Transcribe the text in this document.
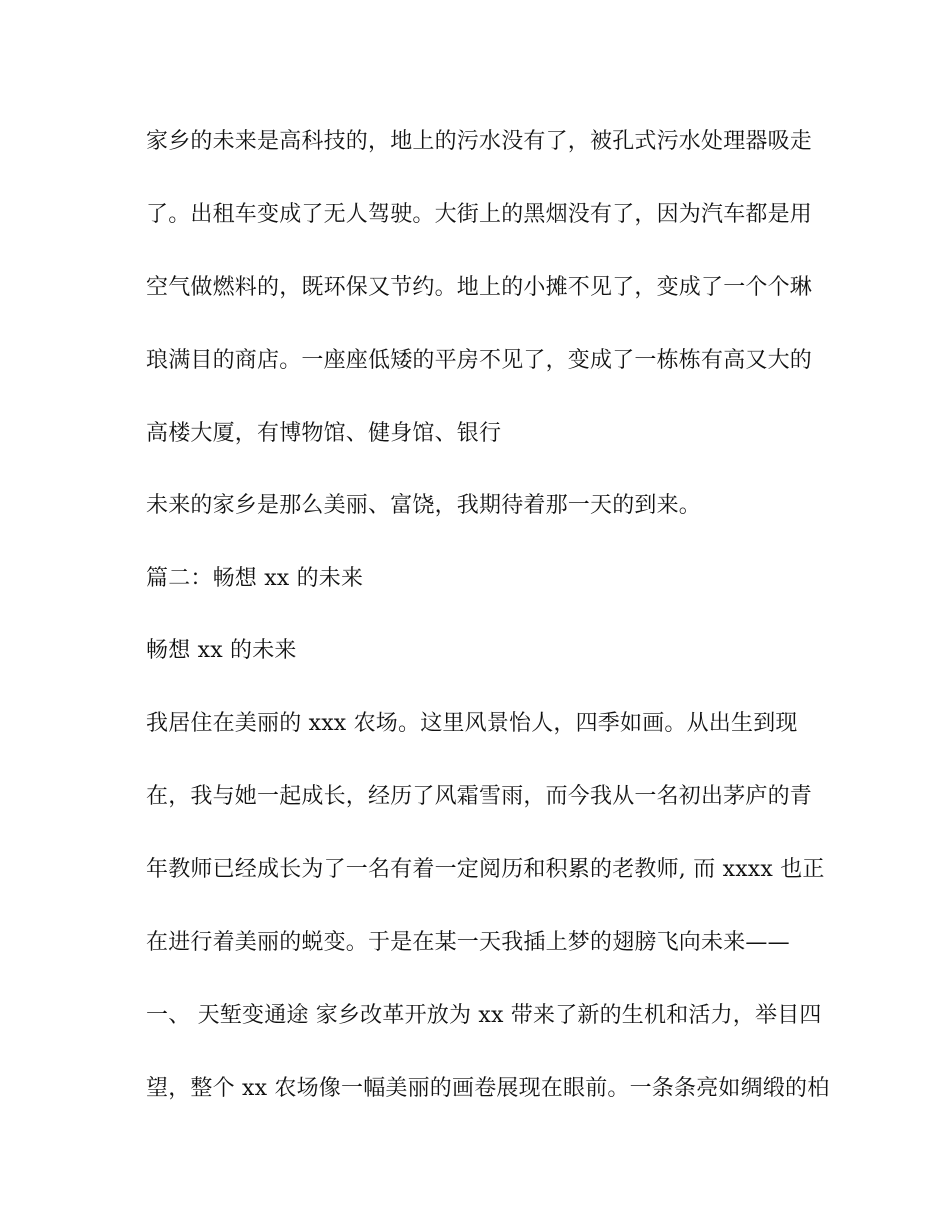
家乡的未来是高科技的，地上的污水没有了，被孔式污水处理器吸走
了。出租车变成了无人驾驶。大街上的黑烟没有了，因为汽车都是用
空气做燃料的，既环保又节约。地上的小摊不见了，变成了一个个琳
琅满目的商店。一座座低矮的平房不见了，变成了一栋栋有高又大的
高楼大厦，有博物馆、健身馆、银行
未来的家乡是那么美丽、富饶，我期待着那一天的到来。
篇二：畅想 xx 的未来
畅想 xx 的未来
我居住在美丽的 xxx 农场。这里风景怡人，四季如画。从出生到现
在，我与她一起成长，经历了风霜雪雨，而今我从一名初出茅庐的青
年教师已经成长为了一名有着一定阅历和积累的老教师, 而 xxxx 也正
在进行着美丽的蜕变。于是在某一天我插上梦的翅膀飞向未来——
一、 天堑变通途 家乡改革开放为 xx 带来了新的生机和活力，举目四
望，整个 xx 农场像一幅美丽的画卷展现在眼前。一条条亮如绸缎的柏
